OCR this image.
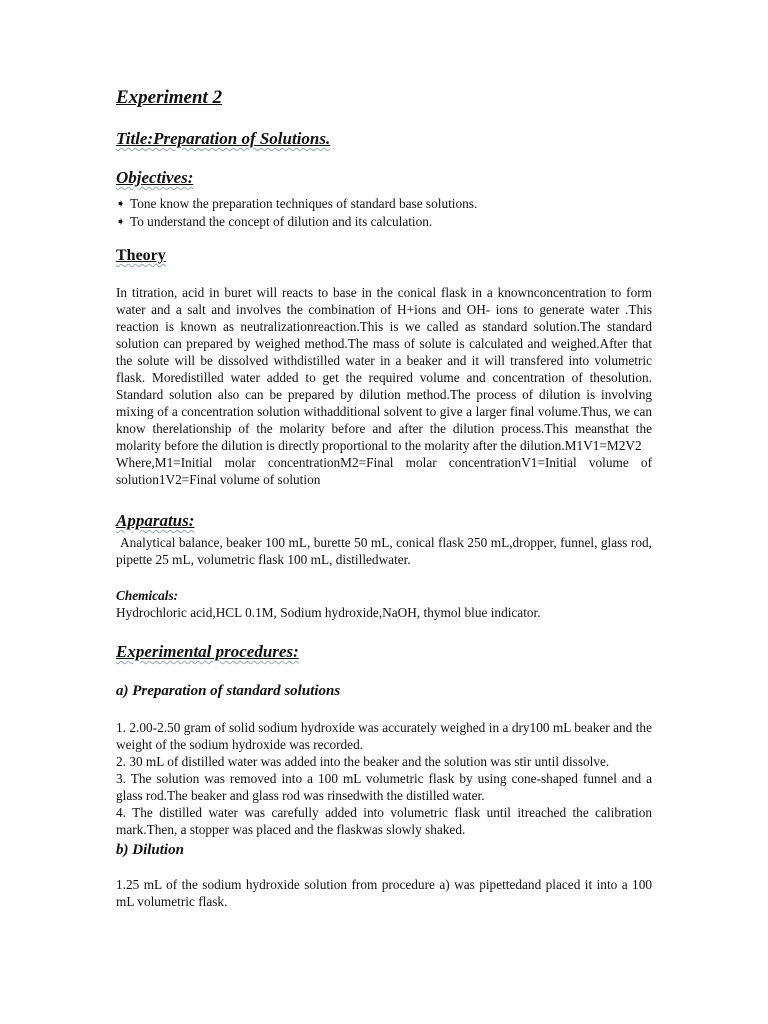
Experiment 2
Title:Preparation of Solutions.
Objectives:
➧ Tone know the preparation techniques of standard base solutions.
➧ To understand the concept of dilution and its calculation.
Theory

In titration, acid in buret will reacts to base in the conical flask in a knownconcentration to form water and a salt and involves the combination of H+ions and OH- ions to generate water .This reaction is known as neutralizationreaction.This is we called as standard solution.The standard solution can prepared by weighed method.The mass of solute is calculated and weighed.After that the solute will be dissolved withdistilled water in a beaker and it will transfered into volumetric flask. Moredistilled water added to get the required volume and concentration of thesolution. Standard solution also can be prepared by dilution method.The process of dilution is involving mixing of a concentration solution withadditional solvent to give a larger final volume.Thus, we can know therelationship of the molarity before and after the dilution process.This meansthat the molarity before the dilution is directly proportional to the molarity after the dilution.M1V1=M2V2

Where,M1=Initial molar concentrationM2=Final molar concentrationV1=Initial volume of solution1V2=Final volume of solution

Apparatus:

Analytical balance, beaker 100 mL, burette 50 mL, conical flask 250 mL,dropper, funnel, glass rod, pipette 25 mL, volumetric flask 100 mL, distilledwater.

Chemicals:

Hydrochloric acid,HCL 0.1M, Sodium hydroxide,NaOH, thymol blue indicator.

Experimental procedures:
a) Preparation of standard solutions

1. 2.00-2.50 gram of solid sodium hydroxide was accurately weighed in a dry100 mL beaker and the weight of the sodium hydroxide was recorded.

2. 30 mL of distilled water was added into the beaker and the solution was stir until dissolve.

3. The solution was removed into a 100 mL volumetric flask by using cone-shaped funnel and a glass rod.The beaker and glass rod was rinsedwith the distilled water.

4. The distilled water was carefully added into volumetric flask until itreached the calibration mark.Then, a stopper was placed and the flaskwas slowly shaked.

b) Dilution

1.25 mL of the sodium hydroxide solution from procedure a) was pipettedand placed it into a 100 mL volumetric flask.
